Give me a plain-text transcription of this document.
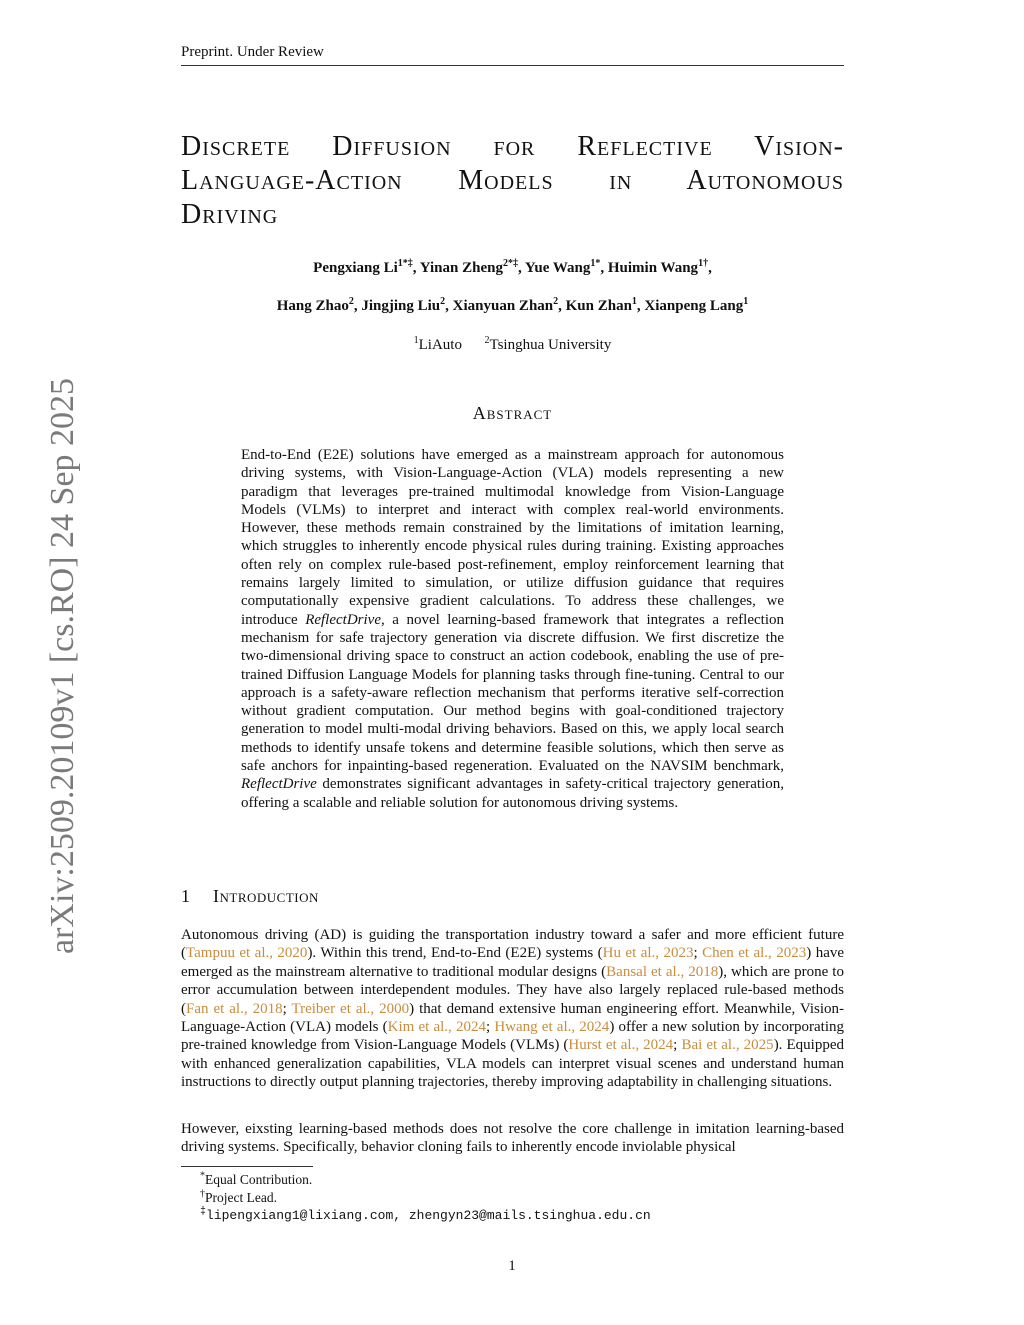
Preprint. Under Review
arXiv:2509.20109v1 [cs.RO] 24 Sep 2025
Discrete Diffusion for Reflective Vision-
Language-Action Models in Autonomous
Driving
Pengxiang $Li^{1*\ddagger}$, Yinan Zheng$^{2*\ddagger}$, Yue Wang$^{1*}$, Huimin Wang$^{1\dagger}$,
Hang Zhao$^2$, Jingjing Liu$^2$, Xianyuan Zhan$^2$, Kun Zhan$^1$, Xianpeng Lang$^1$
$^1$LiAuto $^2$Tsinghua University
Abstract
End-to-End (E2E) solutions have emerged as a mainstream approach for autonomous driving systems, with Vision-Language-Action (VLA) models representing a new paradigm that leverages pre-trained multimodal knowledge from Vision-Language Models (VLMs) to interpret and interact with complex real-world environments. However, these methods remain constrained by the limitations of imitation learning, which struggles to inherently encode physical rules during training. Existing approaches often rely on complex rule-based post-refinement, employ reinforcement learning that remains largely limited to simulation, or utilize diffusion guidance that requires computationally expensive gradient calculations. To address these challenges, we introduce ReflectDrive, a novel learning-based framework that integrates a reflection mechanism for safe trajectory generation via discrete diffusion. We first discretize the two-dimensional driving space to construct an action codebook, enabling the use of pre-trained Diffusion Language Models for planning tasks through fine-tuning. Central to our approach is a safety-aware reflection mechanism that performs iterative self-correction without gradient computation. Our method begins with goal-conditioned trajectory generation to model multi-modal driving behaviors. Based on this, we apply local search methods to identify unsafe tokens and determine feasible solutions, which then serve as safe anchors for inpainting-based regeneration. Evaluated on the NAVSIM benchmark, ReflectDrive demonstrates significant advantages in safety-critical trajectory generation, offering a scalable and reliable solution for autonomous driving systems.
1 Introduction
Autonomous driving (AD) is guiding the transportation industry toward a safer and more efficient future (Tampuu et al., 2020). Within this trend, End-to-End (E2E) systems (Hu et al., 2023; Chen et al., 2023) have emerged as the mainstream alternative to traditional modular designs (Bansal et al., 2018), which are prone to error accumulation between interdependent modules. They have also largely replaced rule-based methods (Fan et al., 2018; Treiber et al., 2000) that demand extensive human engineering effort. Meanwhile, Vision-Language-Action (VLA) models (Kim et al., 2024; Hwang et al., 2024) offer a new solution by incorporating pre-trained knowledge from Vision-Language Models (VLMs) (Hurst et al., 2024; Bai et al., 2025). Equipped with enhanced generalization capabilities, VLA models can interpret visual scenes and understand human instructions to directly output planning trajectories, thereby improving adaptability in challenging situations.
However, eixsting learning-based methods does not resolve the core challenge in imitation learning-based driving systems. Specifically, behavior cloning fails to inherently encode inviolable physical
*Equal Contribution.
†Project Lead.
‡lipengxiang1@lixiang.com, zhengyn23@mails.tsinghua.edu.cn
1
